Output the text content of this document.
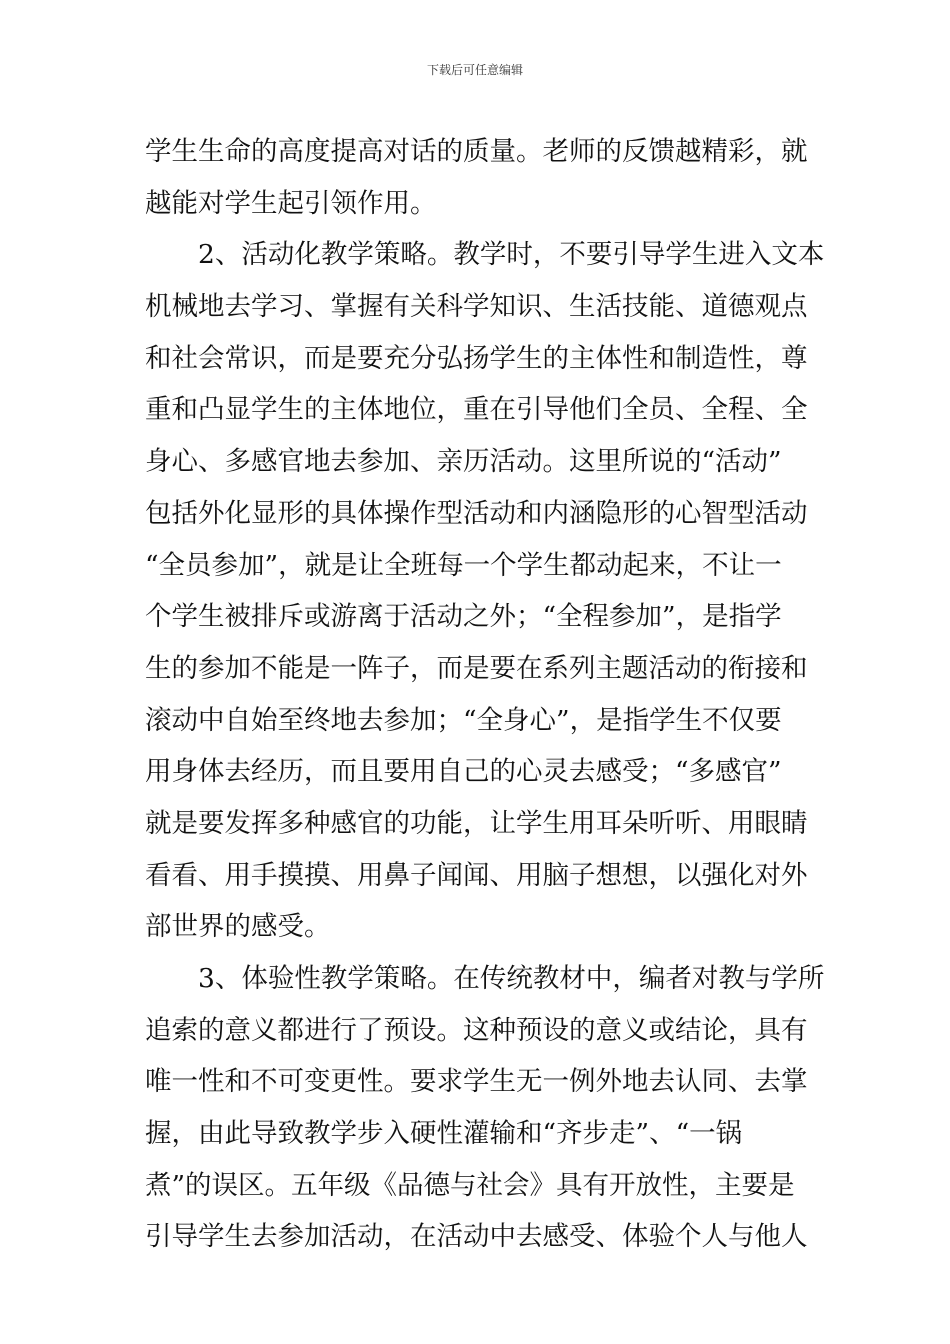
下载后可任意编辑
学生生命的高度提高对话的质量。老师的反馈越精彩，就
越能对学生起引领作用。
　　2、活动化教学策略。教学时，不要引导学生进入文本
机械地去学习、掌握有关科学知识、生活技能、道德观点
和社会常识，而是要充分弘扬学生的主体性和制造性，尊
重和凸显学生的主体地位，重在引导他们全员、全程、全
身心、多感官地去参加、亲历活动。这里所说的“活动”
包括外化显形的具体操作型活动和内涵隐形的心智型活动
“全员参加”，就是让全班每一个学生都动起来，不让一
个学生被排斥或游离于活动之外；“全程参加”，是指学
生的参加不能是一阵子，而是要在系列主题活动的衔接和
滚动中自始至终地去参加；“全身心”，是指学生不仅要
用身体去经历，而且要用自己的心灵去感受；“多感官”
就是要发挥多种感官的功能，让学生用耳朵听听、用眼睛
看看、用手摸摸、用鼻子闻闻、用脑子想想，以强化对外
部世界的感受。
　　3、体验性教学策略。在传统教材中，编者对教与学所
追索的意义都进行了预设。这种预设的意义或结论，具有
唯一性和不可变更性。要求学生无一例外地去认同、去掌
握，由此导致教学步入硬性灌输和“齐步走”、“一锅
煮”的误区。五年级《品德与社会》具有开放性，主要是
引导学生去参加活动，在活动中去感受、体验个人与他人
